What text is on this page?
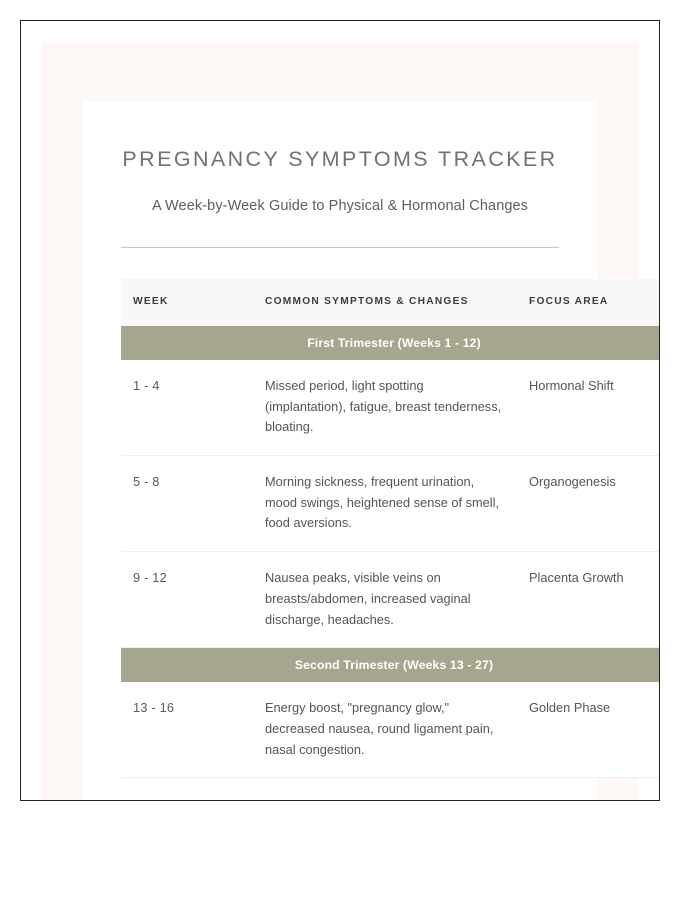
PREGNANCY SYMPTOMS TRACKER
A Week-by-Week Guide to Physical & Hormonal Changes
WEEK	COMMON SYMPTOMS & CHANGES	FOCUS AREA
First Trimester (Weeks 1 - 12)		
1 - 4	Missed period, light spotting (implantation), fatigue, breast tenderness, bloating.	Hormonal Shift
5 - 8	Morning sickness, frequent urination, mood swings, heightened sense of smell, food aversions.	Organogenesis
9 - 12	Nausea peaks, visible veins on breasts/abdomen, increased vaginal discharge, headaches.	Placenta Growth
Second Trimester (Weeks 13 - 27)		
13 - 16	Energy boost, "pregnancy glow," decreased nausea, round ligament pain, nasal congestion.	Golden Phase
